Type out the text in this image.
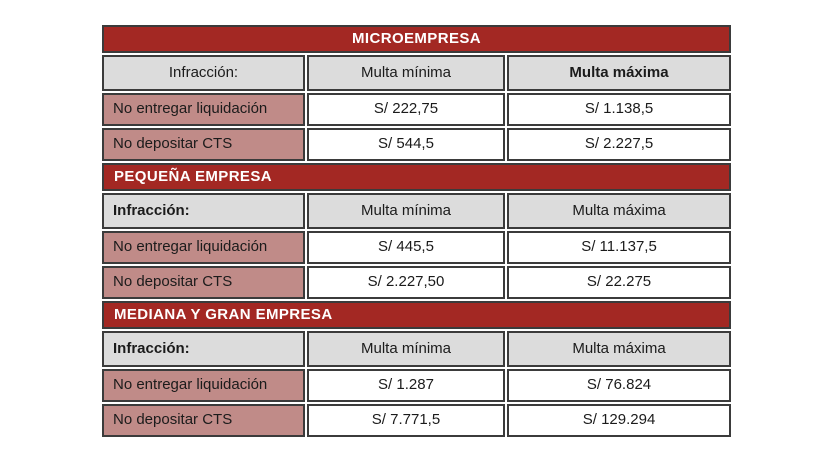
MICROEMPRESA		
Infracción:	Multa mínima	Multa máxima
No entregar liquidación	S/ 222,75	S/ 1.138,5
No depositar CTS	S/ 544,5	S/ 2.227,5
PEQUEÑA EMPRESA		
Infracción:	Multa mínima	Multa máxima
No entregar liquidación	S/ 445,5	S/ 11.137,5
No depositar CTS	S/ 2.227,50	S/ 22.275
MEDIANA Y GRAN EMPRESA		
Infracción:	Multa mínima	Multa máxima
No entregar liquidación	S/ 1.287	S/ 76.824
No depositar CTS	S/ 7.771,5	S/ 129.294
